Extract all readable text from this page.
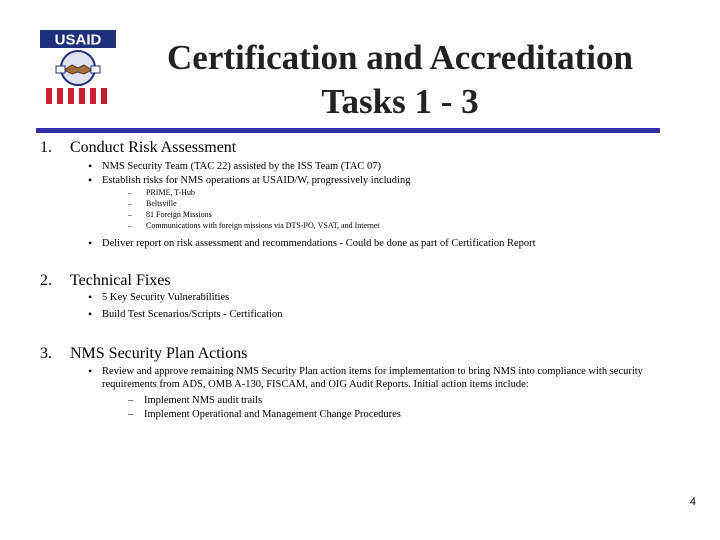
USAID	Certification and Accreditation
Tasks 1 - 3
1. Conduct Risk Assessment
• NMS Security Team (TAC 22) assisted by the ISS Team (TAC 07)
• Establish risks for NMS operations at USAID/W, progressively including
– PRIME, T-Hub
– Beltsville
– 81 Foreign Missions
– Communications with foreign missions via DTS-PO, VSAT, and Internet
• Deliver report on risk assessment and recommendations - Could be done as part of Certification Report
2. Technical Fixes
• 5 Key Security Vulnerabilities
• Build Test Scenarios/Scripts - Certification
3. NMS Security Plan Actions
• Review and approve remaining NMS Security Plan action items for implementation to bring NMS into compliance with security requirements from ADS, OMB A-130, FISCAM, and OIG Audit Reports. Initial action items include:
– Implement NMS audit trails
– Implement Operational and Management Change Procedures
4
